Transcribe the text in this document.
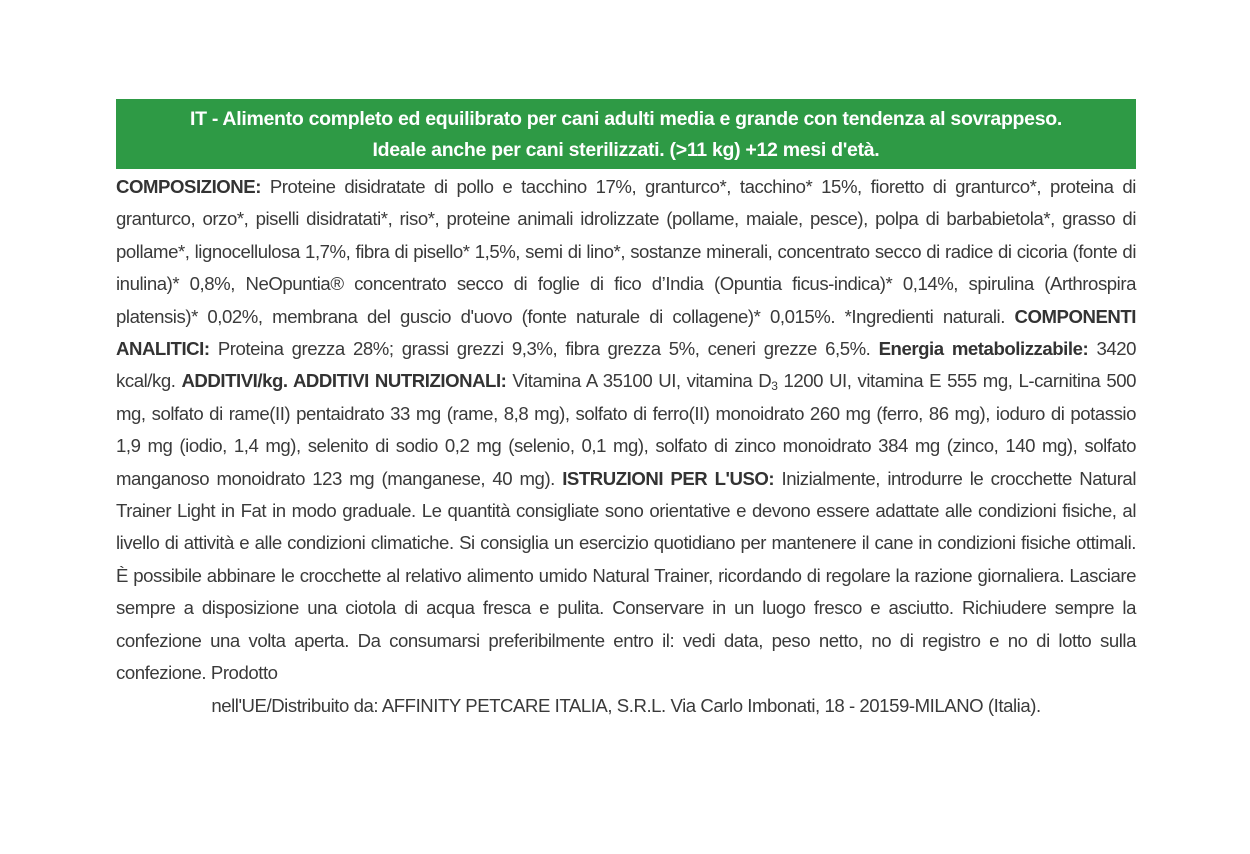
IT - Alimento completo ed equilibrato per cani adulti media e grande con tendenza al sovrappeso.
Ideale anche per cani sterilizzati. (>11 kg) +12 mesi d'età.
COMPOSIZIONE: Proteine disidratate di pollo e tacchino 17%, granturco*, tacchino* 15%, fioretto di granturco*, proteina di granturco, orzo*, piselli disidratati*, riso*, proteine animali idrolizzate (pollame, maiale, pesce), polpa di barbabietola*, grasso di pollame*, lignocellulosa 1,7%, fibra di pisello* 1,5%, semi di lino*, sostanze minerali, concentrato secco di radice di cicoria (fonte di inulina)* 0,8%, NeOpuntia® concentrato secco di foglie di fico d’India (Opuntia ficus-indica)* 0,14%, spirulina (Arthrospira platensis)* 0,02%, membrana del guscio d'uovo (fonte naturale di collagene)* 0,015%. *Ingredienti naturali. COMPONENTI ANALITICI: Proteina grezza 28%; grassi grezzi 9,3%, fibra grezza 5%, ceneri grezze 6,5%. Energia metabolizzabile: 3420 kcal/kg. ADDITIVI/kg. ADDITIVI NUTRIZIONALI: Vitamina A 35100 UI, vitamina $D_3$ 1200 UI, vitamina E 555 mg, L-carnitina 500 mg, solfato di rame(II) pentaidrato 33 mg (rame, 8,8 mg), solfato di ferro(II) monoidrato 260 mg (ferro, 86 mg), ioduro di potassio 1,9 mg (iodio, 1,4 mg), selenito di sodio 0,2 mg (selenio, 0,1 mg), solfato di zinco monoidrato 384 mg (zinco, 140 mg), solfato manganoso monoidrato 123 mg (manganese, 40 mg). ISTRUZIONI PER L'USO: Inizialmente, introdurre le crocchette Natural Trainer Light in Fat in modo graduale. Le quantità consigliate sono orientative e devono essere adattate alle condizioni fisiche, al livello di attività e alle condizioni climatiche. Si consiglia un esercizio quotidiano per mantenere il cane in condizioni fisiche ottimali. È possibile abbinare le crocchette al relativo alimento umido Natural Trainer, ricordando di regolare la razione giornaliera. Lasciare sempre a disposizione una ciotola di acqua fresca e pulita. Conservare in un luogo fresco e asciutto. Richiudere sempre la confezione una volta aperta. Da consumarsi preferibilmente entro il: vedi data, peso netto, no di registro e no di lotto sulla confezione. Prodotto
nell'UE/Distribuito da: AFFINITY PETCARE ITALIA, S.R.L. Via Carlo Imbonati, 18 - 20159-MILANO (Italia).
